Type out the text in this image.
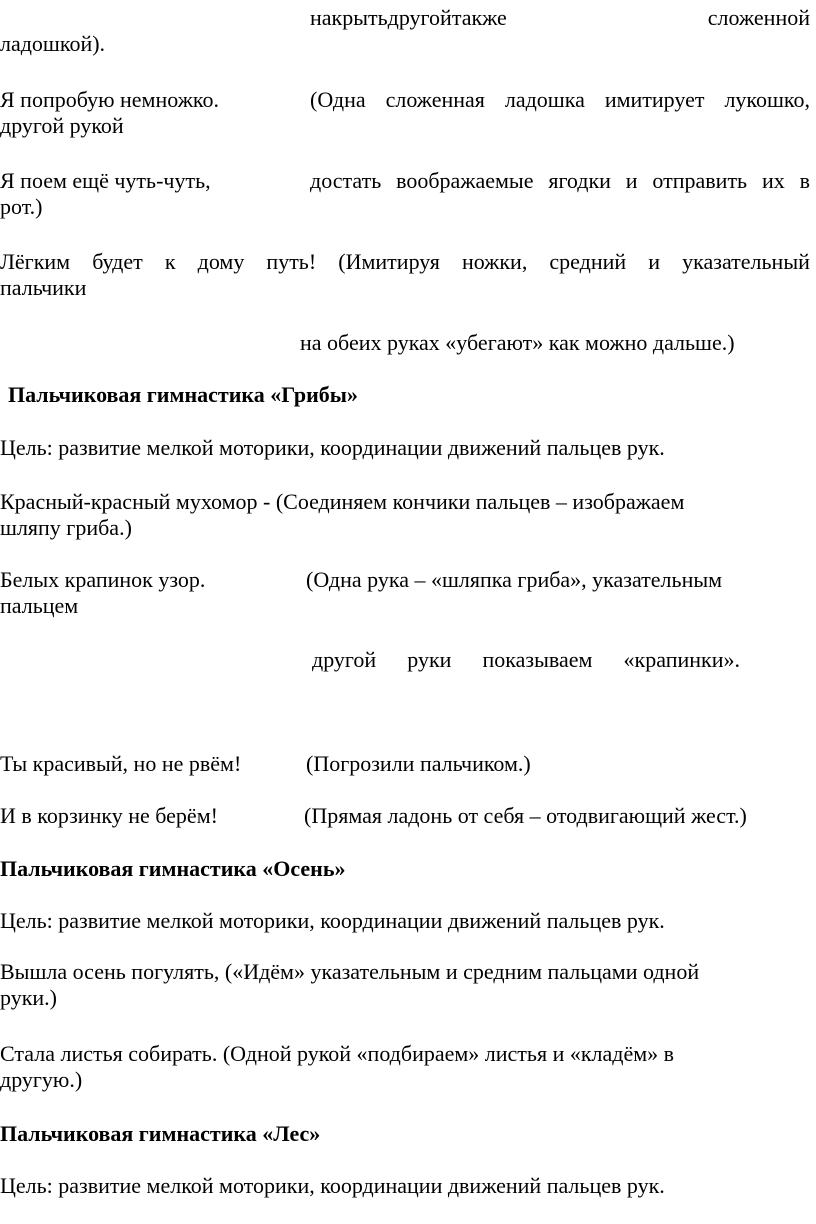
накрыть другой также	сложенной
ладошкой).
Я попробую немножко.	(Одна сложенная ладошка имитирует лукошко,
другой рукой
Я поем ещё чуть-чуть,	достать воображаемые ягодки и отправить их в
рот.)
Лёгким будет к дому путь! (Имитируя ножки, средний и указательный
пальчики
на обеих руках «убегают» как можно дальше.)
Пальчиковая гимнастика «Грибы»
Цель: развитие мелкой моторики, координации движений пальцев рук.
Красный-красный мухомор - (Соединяем кончики пальцев – изображаем
шляпу гриба.)
Белых крапинок узор.	(Одна рука – «шляпка гриба», указательным
пальцем
другой руки показываем «крапинки».
Ты красивый, но не рвём!	(Погрозили пальчиком.)
И в корзинку не берём!	(Прямая ладонь от себя – отодвигающий жест.)
Пальчиковая гимнастика «Осень»
Цель: развитие мелкой моторики, координации движений пальцев рук.
Вышла осень погулять, («Идём» указательным и средним пальцами одной
руки.)
Стала листья собирать. (Одной рукой «подбираем» листья и «кладём» в
другую.)
Пальчиковая гимнастика «Лес»
Цель: развитие мелкой моторики, координации движений пальцев рук.
